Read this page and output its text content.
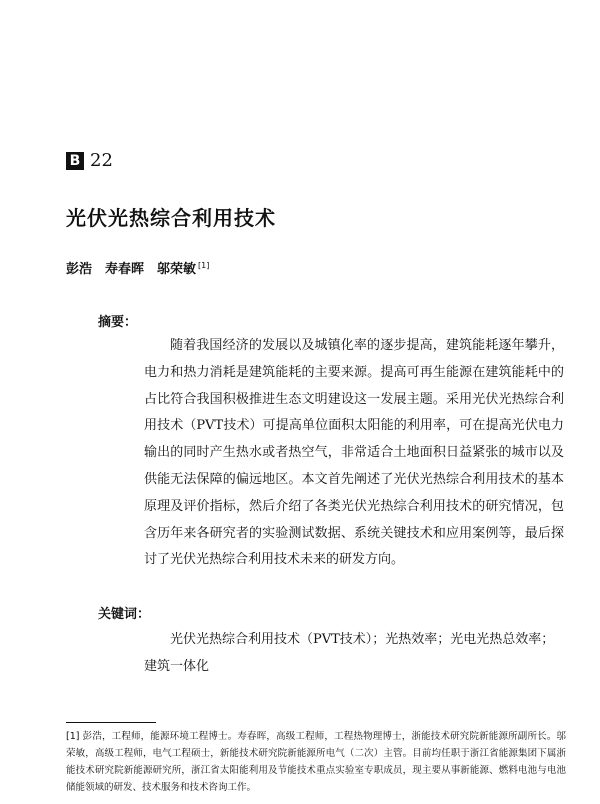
B 22
光伏光热综合利用技术
彭浩　寿春晖　邬荣敏 [1]
摘要：
随着我国经济的发展以及城镇化率的逐步提高，建筑能耗逐年攀升，电力和热力消耗是建筑能耗的主要来源。提高可再生能源在建筑能耗中的占比符合我国积极推进生态文明建设这一发展主题。采用光伏光热综合利用技术（PVT技术）可提高单位面积太阳能的利用率，可在提高光伏电力输出的同时产生热水或者热空气，非常适合土地面积日益紧张的城市以及供能无法保障的偏远地区。本文首先阐述了光伏光热综合利用技术的基本原理及评价指标，然后介绍了各类光伏光热综合利用技术的研究情况，包含历年来各研究者的实验测试数据、系统关键技术和应用案例等，最后探讨了光伏光热综合利用技术未来的研发方向。
关键词：
光伏光热综合利用技术（PVT技术）；光热效率；光电光热总效率；建筑一体化
[1] 彭浩，工程师，能源环境工程博士。寿春晖，高级工程师，工程热物理博士，浙能技术研究院新能源所副所长。邬荣敏，高级工程师，电气工程硕士，新能技术研究院新能源所电气（二次）主管。目前均任职于浙江省能源集团下属浙能技术研究院新能源研究所，浙江省太阳能利用及节能技术重点实验室专职成员，现主要从事新能源、燃料电池与电池储能领域的研发、技术服务和技术咨询工作。
